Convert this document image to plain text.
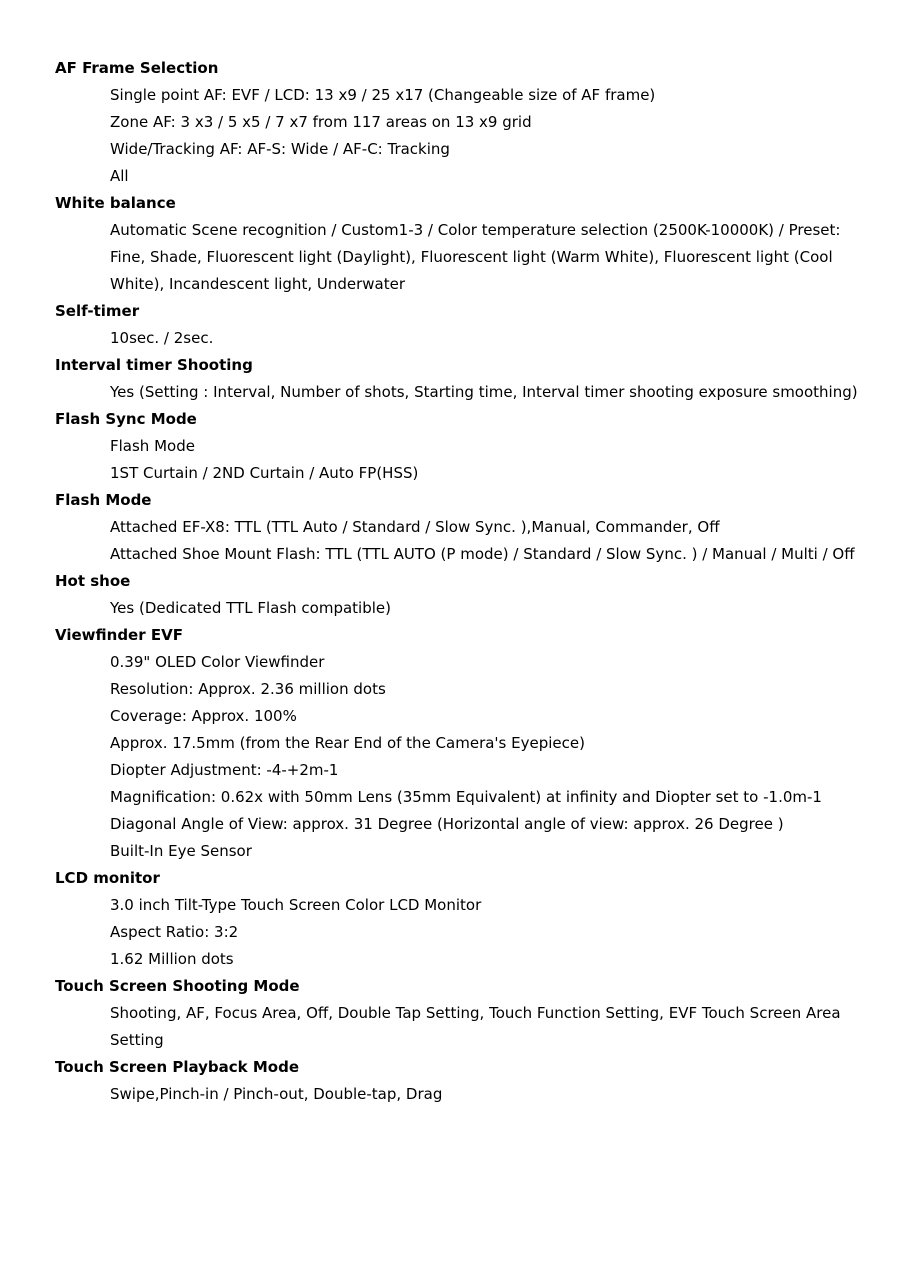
AF Frame Selection
Single point AF: EVF / LCD: 13 x9 / 25 x17 (Changeable size of AF frame)
Zone AF: 3 x3 / 5 x5 / 7 x7 from 117 areas on 13 x9 grid
Wide/Tracking AF: AF-S: Wide / AF-C: Tracking
All
White balance
Automatic Scene recognition / Custom1-3 / Color temperature selection (2500K-10000K) / Preset: Fine, Shade, Fluorescent light (Daylight), Fluorescent light (Warm White), Fluorescent light (Cool White), Incandescent light, Underwater
Self-timer
10sec. / 2sec.
Interval timer Shooting
Yes (Setting : Interval, Number of shots, Starting time, Interval timer shooting exposure smoothing)
Flash Sync Mode
Flash Mode
1ST Curtain / 2ND Curtain / Auto FP(HSS)
Flash Mode
Attached EF-X8: TTL (TTL Auto / Standard / Slow Sync. ),Manual, Commander, Off
Attached Shoe Mount Flash: TTL (TTL AUTO (P mode) / Standard / Slow Sync. ) / Manual / Multi / Off
Hot shoe
Yes (Dedicated TTL Flash compatible)
Viewfinder EVF
0.39" OLED Color Viewfinder
Resolution: Approx. 2.36 million dots
Coverage: Approx. 100%
Approx. 17.5mm (from the Rear End of the Camera's Eyepiece)
Diopter Adjustment: -4-+2m-1
Magnification: 0.62x with 50mm Lens (35mm Equivalent) at infinity and Diopter set to -1.0m-1
Diagonal Angle of View: approx. 31 Degree (Horizontal angle of view: approx. 26 Degree )
Built-In Eye Sensor
LCD monitor
3.0 inch Tilt-Type Touch Screen Color LCD Monitor
Aspect Ratio: 3:2
1.62 Million dots
Touch Screen Shooting Mode
Shooting, AF, Focus Area, Off, Double Tap Setting, Touch Function Setting, EVF Touch Screen Area Setting
Touch Screen Playback Mode
Swipe,Pinch-in / Pinch-out, Double-tap, Drag
